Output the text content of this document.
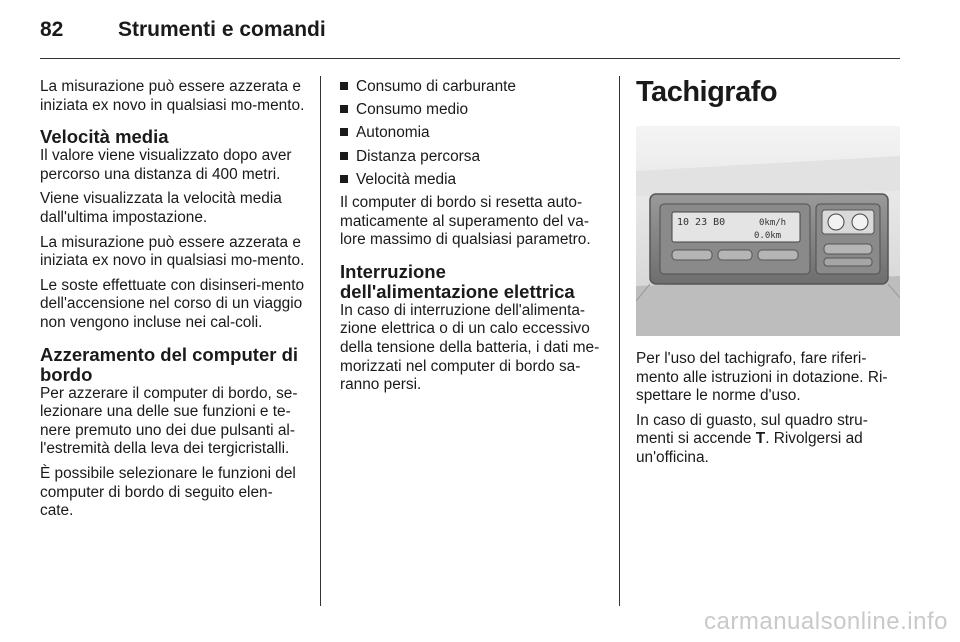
82	Strumenti e comandi

La misurazione può essere azzerata e iniziata ex novo in qualsiasi mo-mento.

Velocità media

Il valore viene visualizzato dopo aver percorso una distanza di 400 metri.

Viene visualizzata la velocità media dall'ultima impostazione.

La misurazione può essere azzerata e iniziata ex novo in qualsiasi mo-mento.

Le soste effettuate con disinseri-mento dell'accensione nel corso di un viaggio non vengono incluse nei cal-coli.

Azzeramento del computer di bordo

Per azzerare il computer di bordo, se-lezionare una delle sue funzioni e te-nere premuto uno dei due pulsanti al-l'estremità della leva dei tergicristalli.

È possibile selezionare le funzioni del computer di bordo di seguito elen-cate.

Consumo di carburante
Consumo medio
Autonomia
Distanza percorsa
Velocità media

Il computer di bordo si resetta auto-maticamente al superamento del va-lore massimo di qualsiasi parametro.

Interruzione dell'alimentazione elettrica

In caso di interruzione dell'alimenta-zione elettrica o di un calo eccessivo della tensione della batteria, i dati me-morizzati nel computer di bordo sa-ranno persi.

Tachigrafo
10 23 B0	0km/h
0.0km

Per l'uso del tachigrafo, fare riferi-mento alle istruzioni in dotazione. Ri-spettare le norme d'uso.

In caso di guasto, sul quadro stru-menti si accende T. Rivolgersi ad un'officina.

carmanualsonline.info
